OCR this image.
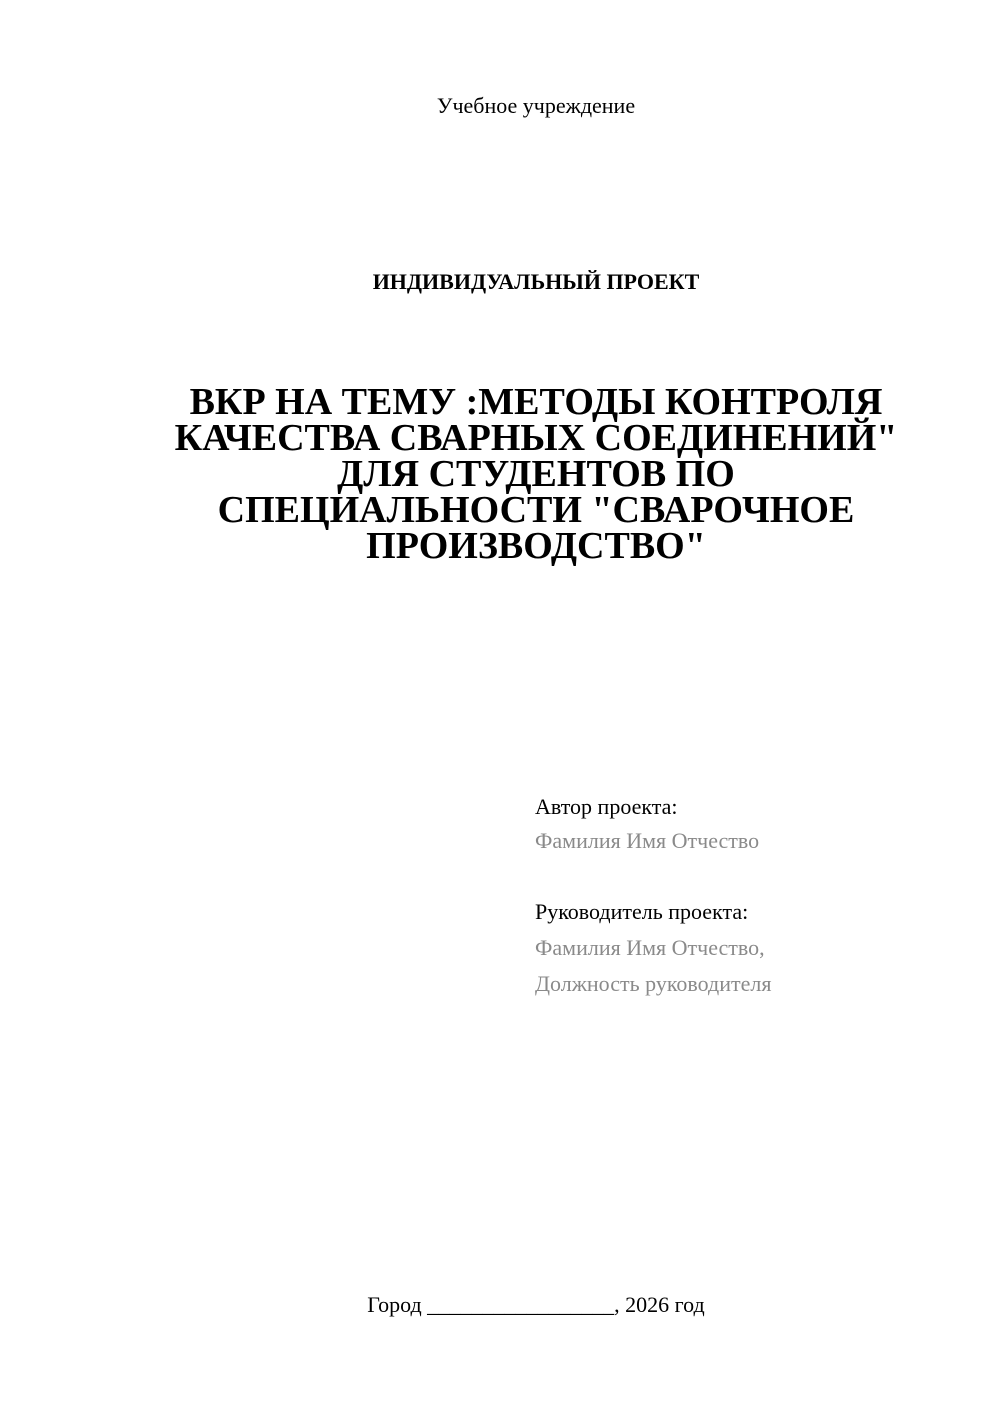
Учебное учреждение
ИНДИВИДУАЛЬНЫЙ ПРОЕКТ
ВКР НА ТЕМУ :МЕТОДЫ КОНТРОЛЯ
КАЧЕСТВА СВАРНЫХ СОЕДИНЕНИЙ"
ДЛЯ СТУДЕНТОВ ПО
СПЕЦИАЛЬНОСТИ "СВАРОЧНОЕ
ПРОИЗВОДСТВО"
Автор проекта:
Фамилия Имя Отчество
Руководитель проекта:
Фамилия Имя Отчество,
Должность руководителя
Город _________________, 2026 год
